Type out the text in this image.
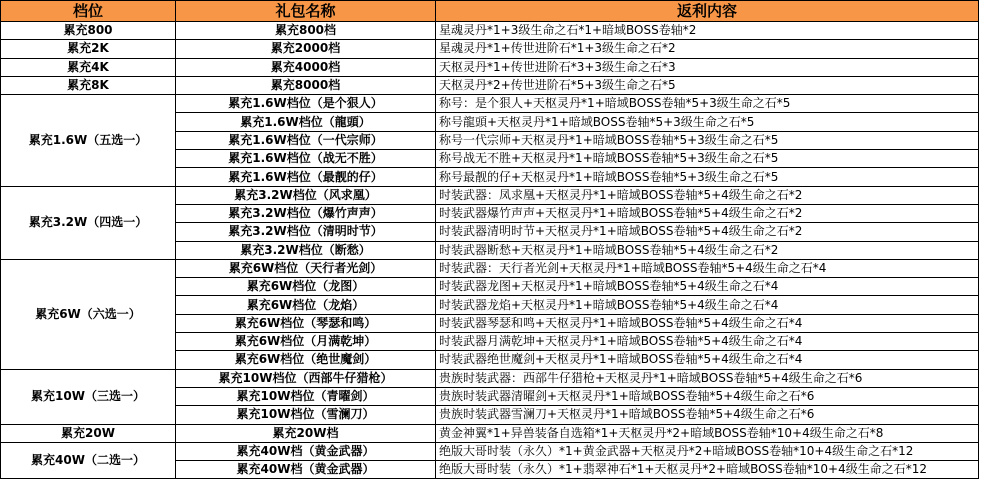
档位	礼包名称	返利内容
累充800	累充800档	星魂灵丹*1+3级生命之石*1+暗域BOSS卷轴*2
累充2K	累充2000档	星魂灵丹*1+传世进阶石*1+3级生命之石*2
累充4K	累充4000档	天枢灵丹*1+传世进阶石*3+3级生命之石*3
累充8K	累充8000档	天枢灵丹*2+传世进阶石*5+3级生命之石*5
累充1.6W（五选一）	累充1.6W档位（是个狠人）	称号：是个狠人+天枢灵丹*1+暗域BOSS卷轴*5+3级生命之石*5
	累充1.6W档位（龍頭）	称号龍頭+天枢灵丹*1+暗域BOSS卷轴*5+3级生命之石*5
	累充1.6W档位（一代宗师）	称号一代宗师+天枢灵丹*1+暗域BOSS卷轴*5+3级生命之石*5
	累充1.6W档位（战无不胜）	称号战无不胜+天枢灵丹*1+暗域BOSS卷轴*5+3级生命之石*5
	累充1.6W档位（最靓的仔）	称号最靓的仔+天枢灵丹*1+暗域BOSS卷轴*5+3级生命之石*5
累充3.2W（四选一）	累充3.2W档位（风求凰）	时装武器：凤求凰+天枢灵丹*1+暗域BOSS卷轴*5+4级生命之石*2
	累充3.2W档位（爆竹声声）	时装武器爆竹声声+天枢灵丹*1+暗域BOSS卷轴*5+4级生命之石*2
	累充3.2W档位（清明时节）	时装武器清明时节+天枢灵丹*1+暗域BOSS卷轴*5+4级生命之石*2
	累充3.2W档位（断愁）	时装武器断愁+天枢灵丹*1+暗域BOSS卷轴*5+4级生命之石*2
累充6W（六选一）	累充6W档位（天行者光剑）	时装武器：天行者光剑+天枢灵丹*1+暗域BOSS卷轴*5+4级生命之石*4
	累充6W档位（龙图）	时装武器龙图+天枢灵丹*1+暗域BOSS卷轴*5+4级生命之石*4
	累充6W档位（龙焰）	时装武器龙焰+天枢灵丹*1+暗域BOSS卷轴*5+4级生命之石*4
	累充6W档位（琴瑟和鸣）	时装武器琴瑟和鸣+天枢灵丹*1+暗域BOSS卷轴*5+4级生命之石*4
	累充6W档位（月满乾坤）	时装武器月满乾坤+天枢灵丹*1+暗域BOSS卷轴*5+4级生命之石*4
	累充6W档位（绝世魔剑）	时装武器绝世魔剑+天枢灵丹*1+暗域BOSS卷轴*5+4级生命之石*4
累充10W（三选一）	累充10W档位（西部牛仔猎枪）	贵族时装武器：西部牛仔猎枪+天枢灵丹*1+暗域BOSS卷轴*5+4级生命之石*6
	累充10W档位（青曜剑）	贵族时装武器清曜剑+天枢灵丹*1+暗域BOSS卷轴*5+4级生命之石*6
	累充10W档位（雪澜刀）	贵族时装武器雪澜刀+天枢灵丹*1+暗域BOSS卷轴*5+4级生命之石*6
累充20W	累充20W档	黄金神翼*1+异兽装备自选箱*1+天枢灵丹*2+暗域BOSS卷轴*10+4级生命之石*8
累充40W（二选一）	累充40W档（黄金武器）	绝版大哥时装（永久）*1+黄金武器+天枢灵丹*2+暗域BOSS卷轴*10+4级生命之石*12
	累充40W档（黄金武器）	绝版大哥时装（永久）*1+翡翠神石*1+天枢灵丹*2+暗域BOSS卷轴*10+4级生命之石*12
